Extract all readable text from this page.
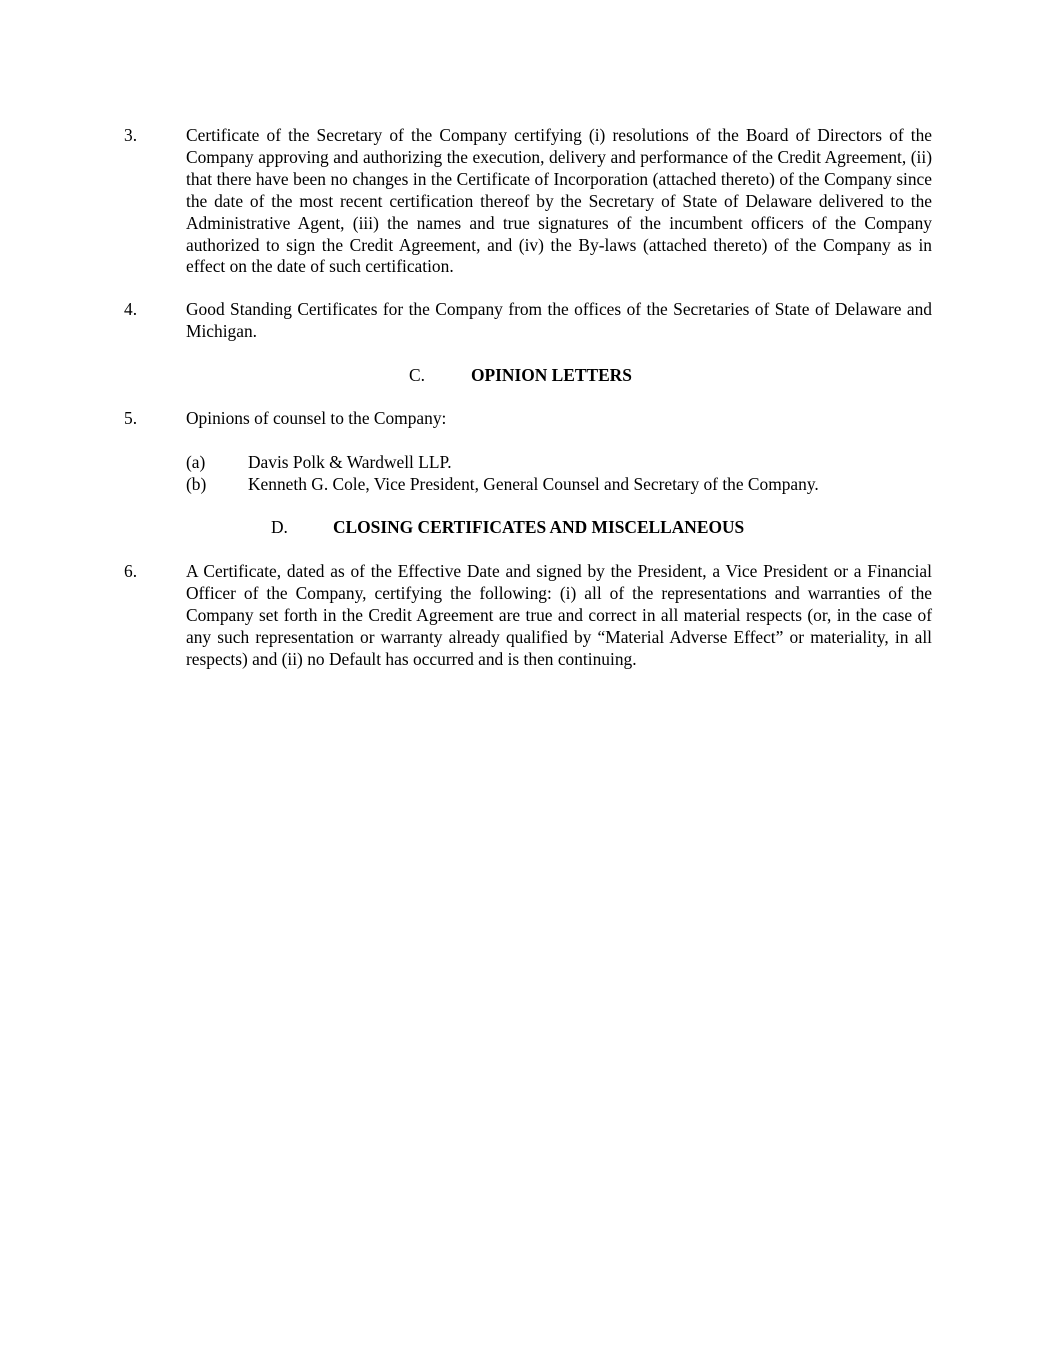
3.	Certificate of the Secretary of the Company certifying (i) resolutions of the Board of Directors of the Company approving and authorizing the execution, delivery and performance of the Credit Agreement, (ii) that there have been no changes in the Certificate of Incorporation (attached thereto) of the Company since the date of the most recent certification thereof by the Secretary of State of Delaware delivered to the Administrative Agent, (iii) the names and true signatures of the incumbent officers of the Company authorized to sign the Credit Agreement, and (iv) the By-laws (attached thereto) of the Company as in effect on the date of such certification.
4.	Good Standing Certificates for the Company from the offices of the Secretaries of State of Delaware and Michigan.
C.	OPINION LETTERS
5.	Opinions of counsel to the Company:
(a) Davis Polk & Wardwell LLP.
(b) Kenneth G. Cole, Vice President, General Counsel and Secretary of the Company.
D.	CLOSING CERTIFICATES AND MISCELLANEOUS
6.	A Certificate, dated as of the Effective Date and signed by the President, a Vice President or a Financial Officer of the Company, certifying the following: (i) all of the representations and warranties of the Company set forth in the Credit Agreement are true and correct in all material respects (or, in the case of any such representation or warranty already qualified by “Material Adverse Effect” or materiality, in all respects) and (ii) no Default has occurred and is then continuing.
